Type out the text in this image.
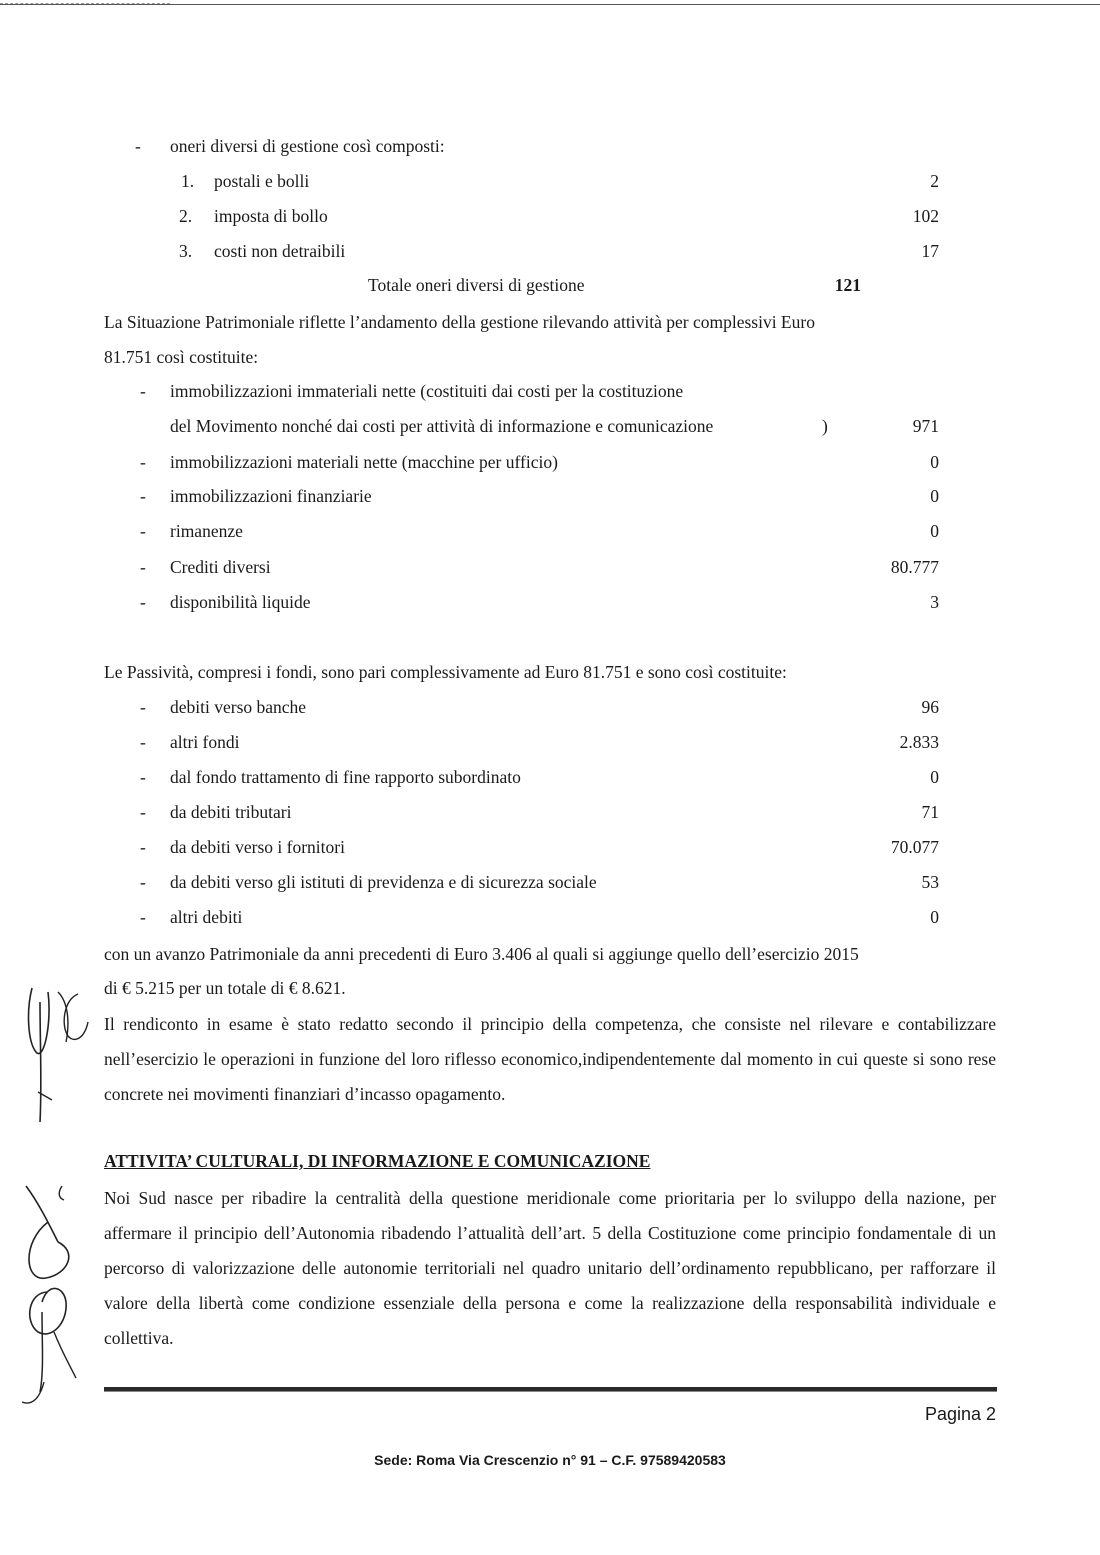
- oneri diversi di gestione così composti:
1. postali e bolli	2
2. imposta di bollo	102
3. costi non detraibili	17
Totale oneri diversi di gestione	121
La Situazione Patrimoniale riflette l’andamento della gestione rilevando attività per complessivi Euro
81.751 così costituite:
- immobilizzazioni immateriali nette (costituiti dai costi per la costituzione
del Movimento nonché dai costi per attività di informazione e comunicazione	)	971
- immobilizzazioni materiali nette (macchine per ufficio)	0
- immobilizzazioni finanziarie	0
- rimanenze	0
- Crediti diversi	80.777
- disponibilità liquide	3
Le Passività, compresi i fondi, sono pari complessivamente ad Euro 81.751 e sono così costituite:
- debiti verso banche	96
- altri fondi	2.833
- dal fondo trattamento di fine rapporto subordinato	0
- da debiti tributari	71
- da debiti verso i fornitori	70.077
- da debiti verso gli istituti di previdenza e di sicurezza sociale	53
- altri debiti	0
con un avanzo Patrimoniale da anni precedenti di Euro 3.406 al quali si aggiunge quello dell’esercizio 2015
di € 5.215 per un totale di € 8.621.
Il rendiconto in esame è stato redatto secondo il principio della competenza, che consiste nel rilevare e contabilizzare nell’esercizio le operazioni in funzione del loro riflesso economico,indipendentemente dal momento in cui queste si sono rese concrete nei movimenti finanziari d’incasso opagamento.
ATTIVITA’ CULTURALI, DI INFORMAZIONE E COMUNICAZIONE
Noi Sud nasce per ribadire la centralità della questione meridionale come prioritaria per lo sviluppo della nazione, per affermare il principio dell’Autonomia ribadendo l’attualità dell’art. 5 della Costituzione come principio fondamentale di un percorso di valorizzazione delle autonomie territoriali nel quadro unitario dell’ordinamento repubblicano, per rafforzare il valore della libertà come condizione essenziale della persona e come la realizzazione della responsabilità individuale e collettiva.
Pagina 2
Sede: Roma Via Crescenzio n° 91 – C.F. 97589420583
